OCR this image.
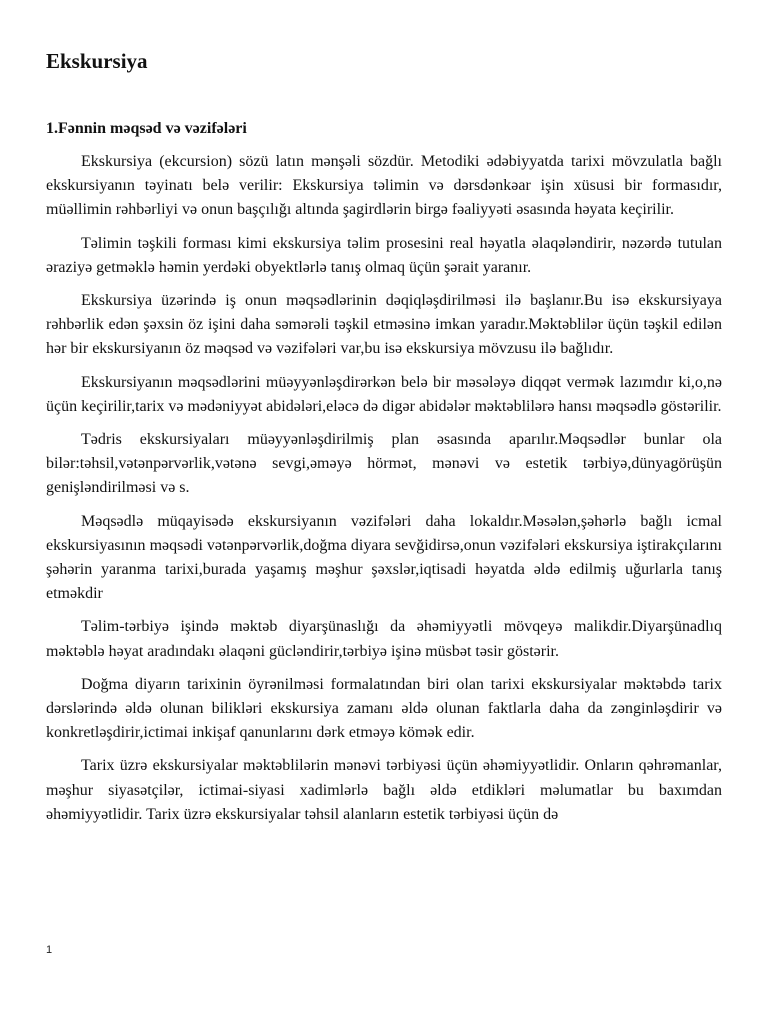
Ekskursiya
1.Fənnin məqsəd və vəzifələri

Ekskursiya (ekcursion) sözü latın mənşəli sözdür. Metodiki ədəbiyyatda tarixi mövzulatla bağlı ekskursiyanın təyinatı belə verilir: Ekskursiya təlimin və dərsdənkəar işin xüsusi bir formasıdır, müəllimin rəhbərliyi və onun başçılığı altında şagirdlərin birgə fəaliyyəti əsasında həyata keçirilir.

Təlimin təşkili forması kimi ekskursiya təlim prosesini real həyatla əlaqələndirir, nəzərdə tutulan əraziyə getməklə həmin yerdəki obyektlərlə tanış olmaq üçün şərait yaranır.

Ekskursiya üzərində iş onun məqsədlərinin dəqiqləşdirilməsi ilə başlanır.Bu isə ekskursiyaya rəhbərlik edən şəxsin öz işini daha səmərəli təşkil etməsinə imkan yaradır.Məktəblilər üçün təşkil edilən hər bir ekskursiyanın öz məqsəd və vəzifələri var,bu isə ekskursiya mövzusu ilə bağlıdır.

Ekskursiyanın məqsədlərini müəyyənləşdirərkən belə bir məsələyə diqqət vermək lazımdır ki,o,nə üçün keçirilir,tarix və mədəniyyət abidələri,eləcə də digər abidələr məktəblilərə hansı məqsədlə göstərilir.

Tədris ekskursiyaları müəyyənləşdirilmiş plan əsasında aparılır.Məqsədlər bunlar ola bilər:təhsil,vətənpərvərlik,vətənə sevgi,əməyə hörmət, mənəvi və estetik tərbiyə,dünyagörüşün genişləndirilməsi və s.

Məqsədlə müqayisədə ekskursiyanın vəzifələri daha lokaldır.Məsələn,şəhərlə bağlı icmal ekskursiyasının məqsədi vətənpərvərlik,doğma diyara sevğidirsə,onun vəzifələri ekskursiya iştirakçılarını şəhərin yaranma tarixi,burada yaşamış məşhur şəxslər,iqtisadi həyatda əldə edilmiş uğurlarla tanış etməkdir

Təlim-tərbiyə işində məktəb diyarşünaslığı da əhəmiyyətli mövqeyə malikdir.Diyarşünadlıq məktəblə həyat aradındakı əlaqəni gücləndirir,tərbiyə işinə müsbət təsir göstərir.

Doğma diyarın tarixinin öyrənilməsi formalatından biri olan tarixi ekskursiyalar məktəbdə tarix dərslərində əldə olunan bilikləri ekskursiya zamanı əldə olunan faktlarla daha da zənginləşdirir və konkretləşdirir,ictimai inkişaf qanunlarını dərk etməyə kömək edir.

Tarix üzrə ekskursiyalar məktəblilərin mənəvi tərbiyəsi üçün əhəmiyyətlidir. Onların qəhrəmanlar, məşhur siyasətçilər, ictimai-siyasi xadimlərlə bağlı əldə etdikləri məlumatlar bu baxımdan əhəmiyyətlidir. Tarix üzrə ekskursiyalar təhsil alanların estetik tərbiyəsi üçün də

1
